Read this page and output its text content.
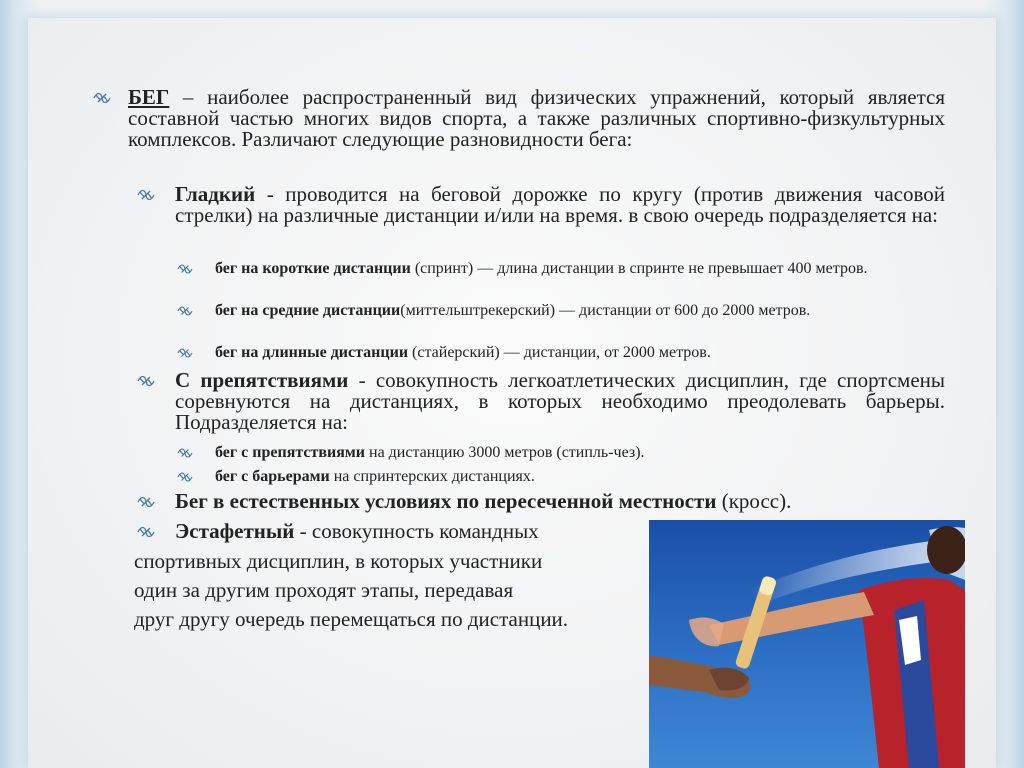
БЕГ – наиболее распространенный вид физических упражнений, который является составной частью многих видов спорта, а также различных спортивно-физкультурных комплексов. Различают следующие разновидности бега:
Гладкий - проводится на беговой дорожке по кругу (против движения часовой стрелки) на различные дистанции и/или на время. в свою очередь подразделяется на:
бег на короткие дистанции (спринт) — длина дистанции в спринте не превышает 400 метров.
бег на средние дистанции(миттельштрекерский) — дистанции от 600 до 2000 метров.
бег на длинные дистанции (стайерский) — дистанции, от 2000 метров.
С препятствиями - совокупность легкоатлетических дисциплин, где спортсмены соревнуются на дистанциях, в которых необходимо преодолевать барьеры. Подразделяется на:
бег с препятствиями на дистанцию 3000 метров (стипль-чез).
бег с барьерами на спринтерских дистанциях.
Бег в естественных условиях по пересеченной местности (кросс).
Эстафетный - совокупность командных
спортивных дисциплин, в которых участники
один за другим проходят этапы, передавая
друг другу очередь перемещаться по дистанции.
